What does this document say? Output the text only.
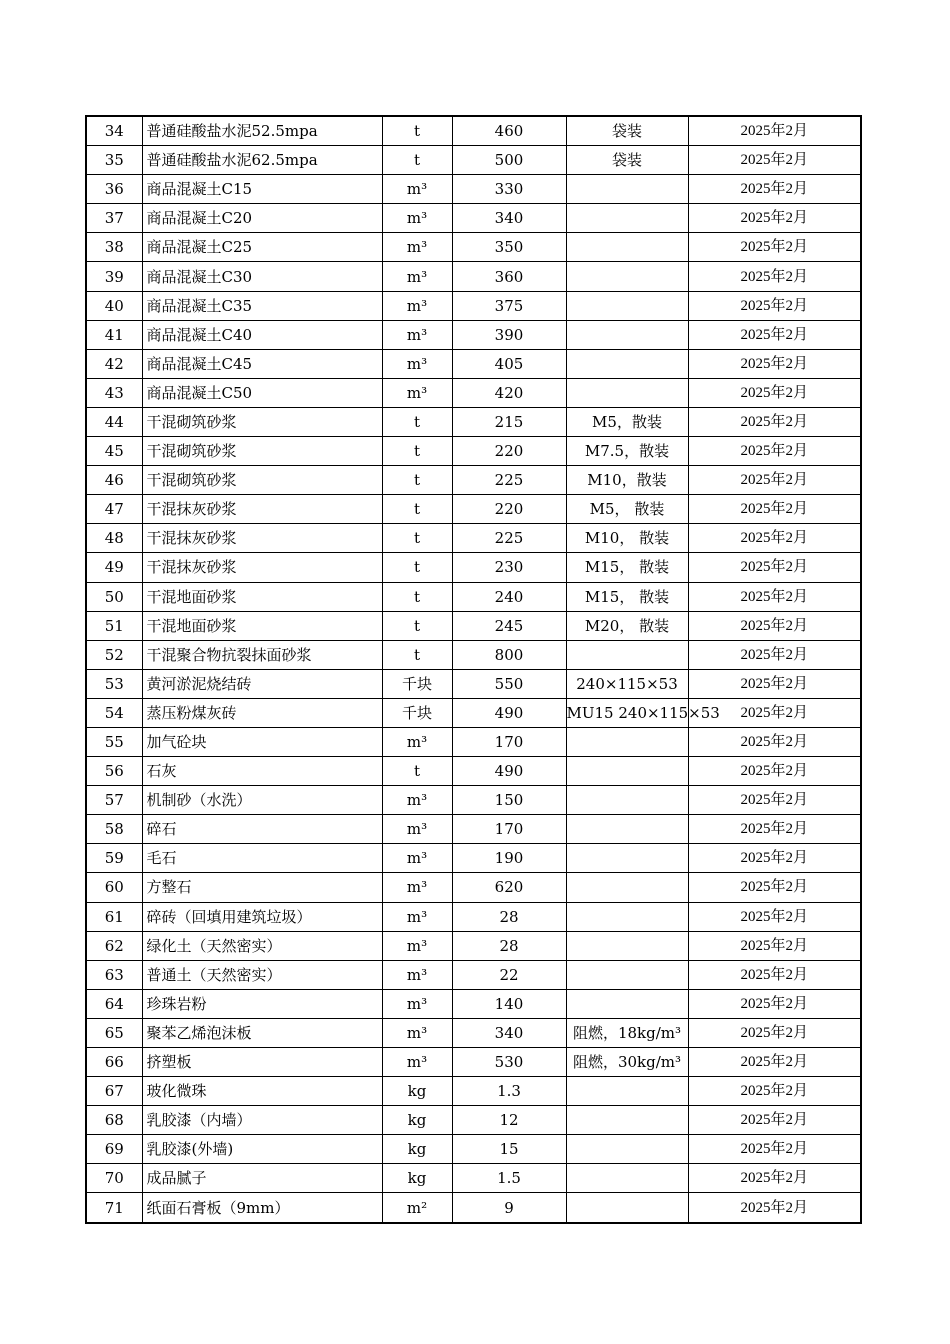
34	普通硅酸盐水泥52.5mpa	t	460	袋装	2025年2月
35	普通硅酸盐水泥62.5mpa	t	500	袋装	2025年2月
36	商品混凝土C15	m³	330		2025年2月
37	商品混凝土C20	m³	340		2025年2月
38	商品混凝土C25	m³	350		2025年2月
39	商品混凝土C30	m³	360		2025年2月
40	商品混凝土C35	m³	375		2025年2月
41	商品混凝土C40	m³	390		2025年2月
42	商品混凝土C45	m³	405		2025年2月
43	商品混凝土C50	m³	420		2025年2月
44	干混砌筑砂浆	t	215	M5，散装	2025年2月
45	干混砌筑砂浆	t	220	M7.5，散装	2025年2月
46	干混砌筑砂浆	t	225	M10，散装	2025年2月
47	干混抹灰砂浆	t	220	M5， 散装	2025年2月
48	干混抹灰砂浆	t	225	M10， 散装	2025年2月
49	干混抹灰砂浆	t	230	M15， 散装	2025年2月
50	干混地面砂浆	t	240	M15， 散装	2025年2月
51	干混地面砂浆	t	245	M20， 散装	2025年2月
52	干混聚合物抗裂抹面砂浆	t	800		2025年2月
53	黄河淤泥烧结砖	千块	550	240×115×53	2025年2月
54	蒸压粉煤灰砖	千块	490	MU15 240×115×53	2025年2月
55	加气砼块	m³	170		2025年2月
56	石灰	t	490		2025年2月
57	机制砂（水洗）	m³	150		2025年2月
58	碎石	m³	170		2025年2月
59	毛石	m³	190		2025年2月
60	方整石	m³	620		2025年2月
61	碎砖（回填用建筑垃圾）	m³	28		2025年2月
62	绿化土（天然密实）	m³	28		2025年2月
63	普通土（天然密实）	m³	22		2025年2月
64	珍珠岩粉	m³	140		2025年2月
65	聚苯乙烯泡沫板	m³	340	阻燃，18kg/m³	2025年2月
66	挤塑板	m³	530	阻燃，30kg/m³	2025年2月
67	玻化微珠	kg	1.3		2025年2月
68	乳胶漆（内墙）	kg	12		2025年2月
69	乳胶漆(外墙)	kg	15		2025年2月
70	成品腻子	kg	1.5		2025年2月
71	纸面石膏板（9mm）	m²	9		2025年2月
